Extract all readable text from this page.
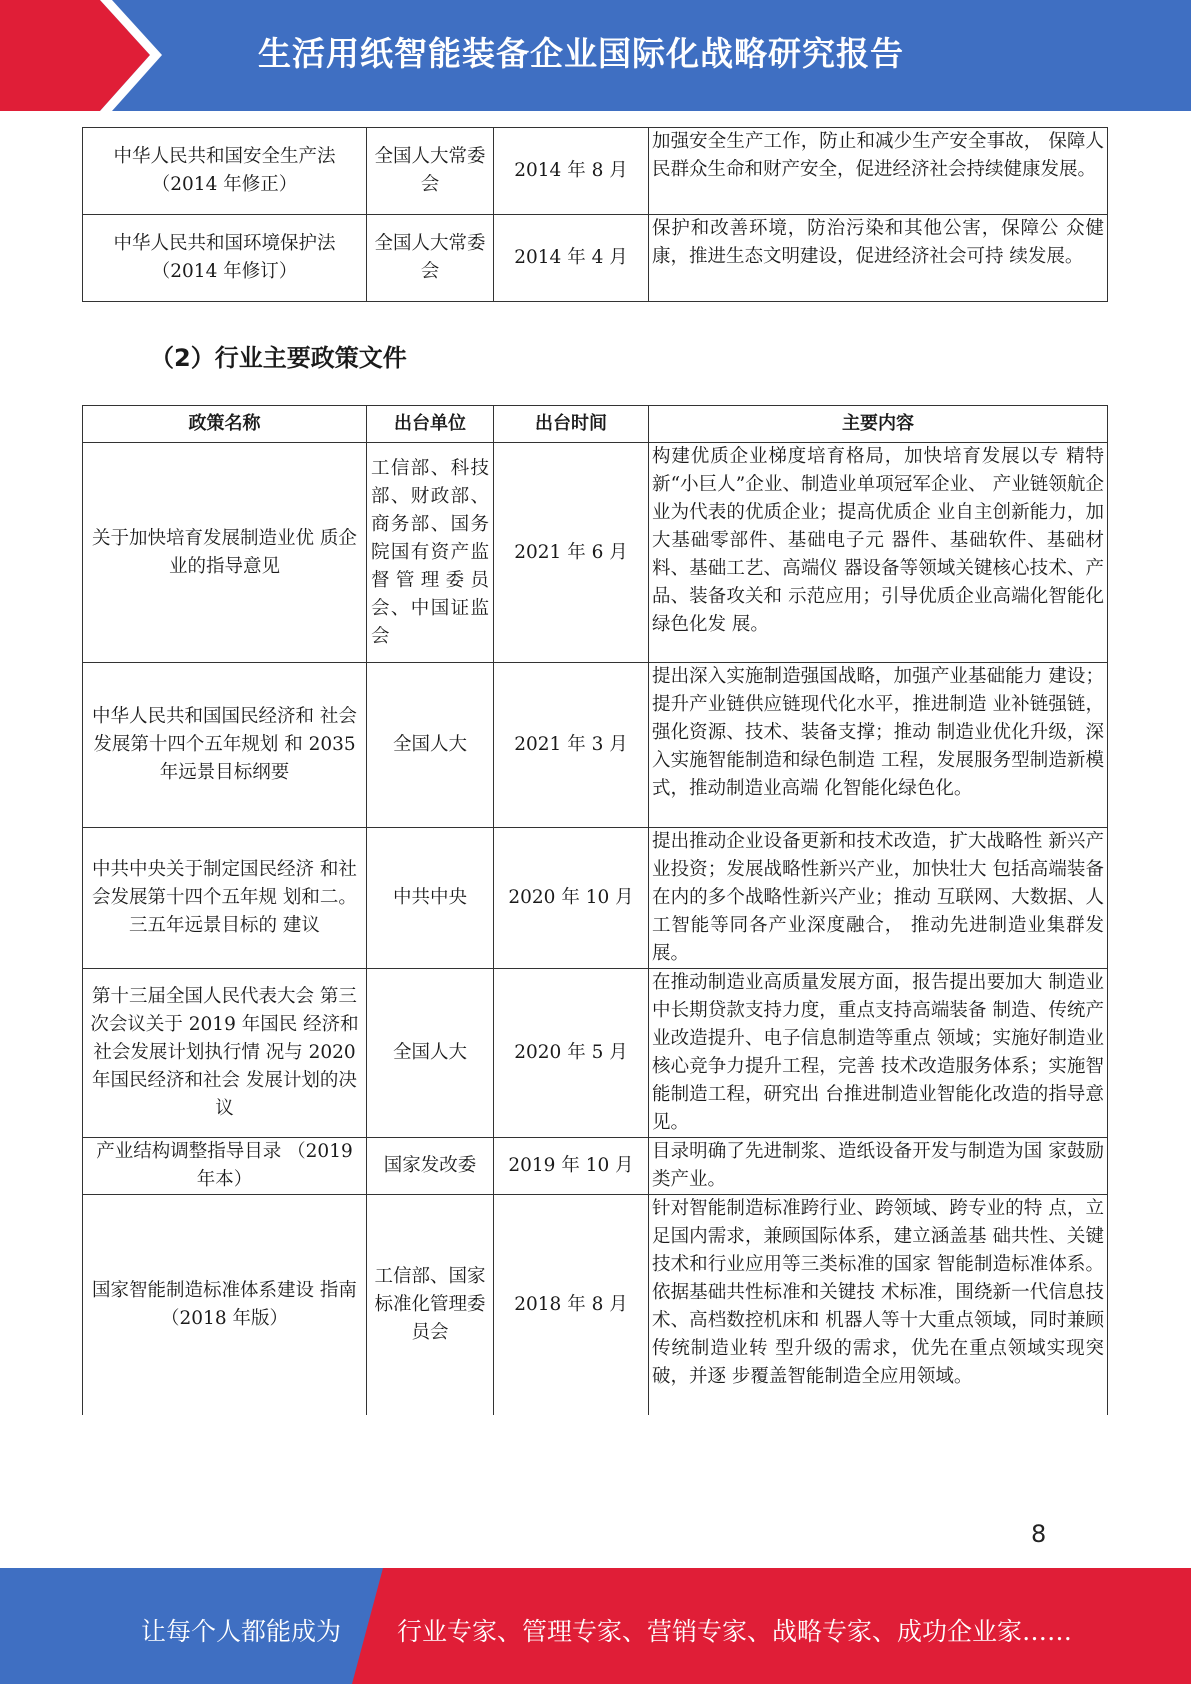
生活用纸智能装备企业国际化战略研究报告
中华人民共和国安全生产法（2014 年修正）	全国人大常委会	2014 年 8 月	加强安全生产工作，防止和减少生产安全事故， 保障人民群众生命和财产安全，促进经济社会持续健康发展。
中华人民共和国环境保护法（2014 年修订）	全国人大常委会	2014 年 4 月	保护和改善环境，防治污染和其他公害，保障公 众健康，推进生态文明建设，促进经济社会可持 续发展。
（2）行业主要政策文件
政策名称	出台单位	出台时间	主要内容
关于加快培育发展制造业优 质企业的指导意见	工信部、科技部、财政部、商务部、国务院国有资产监督管理委员会、中国证监会	2021 年 6 月	构建优质企业梯度培育格局，加快培育发展以专 精特新“小巨人”企业、制造业单项冠军企业、 产业链领航企业为代表的优质企业；提高优质企 业自主创新能力，加大基础零部件、基础电子元 器件、基础软件、基础材料、基础工艺、高端仪 器设备等领域关键核心技术、产品、装备攻关和 示范应用；引导优质企业高端化智能化绿色化发 展。
中华人民共和国国民经济和 社会发展第十四个五年规划 和 2035 年远景目标纲要	全国人大	2021 年 3 月	提出深入实施制造强国战略，加强产业基础能力 建设；提升产业链供应链现代化水平，推进制造 业补链强链，强化资源、技术、装备支撑；推动 制造业优化升级，深入实施智能制造和绿色制造 工程，发展服务型制造新模式，推动制造业高端 化智能化绿色化。
中共中央关于制定国民经济 和社会发展第十四个五年规 划和二。三五年远景目标的 建议	中共中央	2020 年 10 月	提出推动企业设备更新和技术改造，扩大战略性 新兴产业投资；发展战略性新兴产业，加快壮大 包括高端装备在内的多个战略性新兴产业；推动 互联网、大数据、人工智能等同各产业深度融合， 推动先进制造业集群发展。
第十三届全国人民代表大会 第三次会议关于 2019 年国民 经济和社会发展计划执行情 况与 2020 年国民经济和社会 发展计划的决议	全国人大	2020 年 5 月	在推动制造业高质量发展方面，报告提出要加大 制造业中长期贷款支持力度，重点支持高端装备 制造、传统产业改造提升、电子信息制造等重点 领域；实施好制造业核心竞争力提升工程，完善 技术改造服务体系；实施智能制造工程，研究出 台推进制造业智能化改造的指导意见。
产业结构调整指导目录 （2019 年本）	国家发改委	2019 年 10 月	目录明确了先进制浆、造纸设备开发与制造为国 家鼓励类产业。
国家智能制造标准体系建设 指南（2018 年版）	工信部、国家标准化管理委员会	2018 年 8 月	针对智能制造标准跨行业、跨领域、跨专业的特 点，立足国内需求，兼顾国际体系，建立涵盖基 础共性、关键技术和行业应用等三类标准的国家 智能制造标准体系。依据基础共性标准和关键技 术标准，围绕新一代信息技术、高档数控机床和 机器人等十大重点领域，同时兼顾传统制造业转 型升级的需求，优先在重点领域实现突破，并逐 步覆盖智能制造全应用领域。
8
让每个人都能成为 行业专家、管理专家、营销专家、战略专家、成功企业家……
